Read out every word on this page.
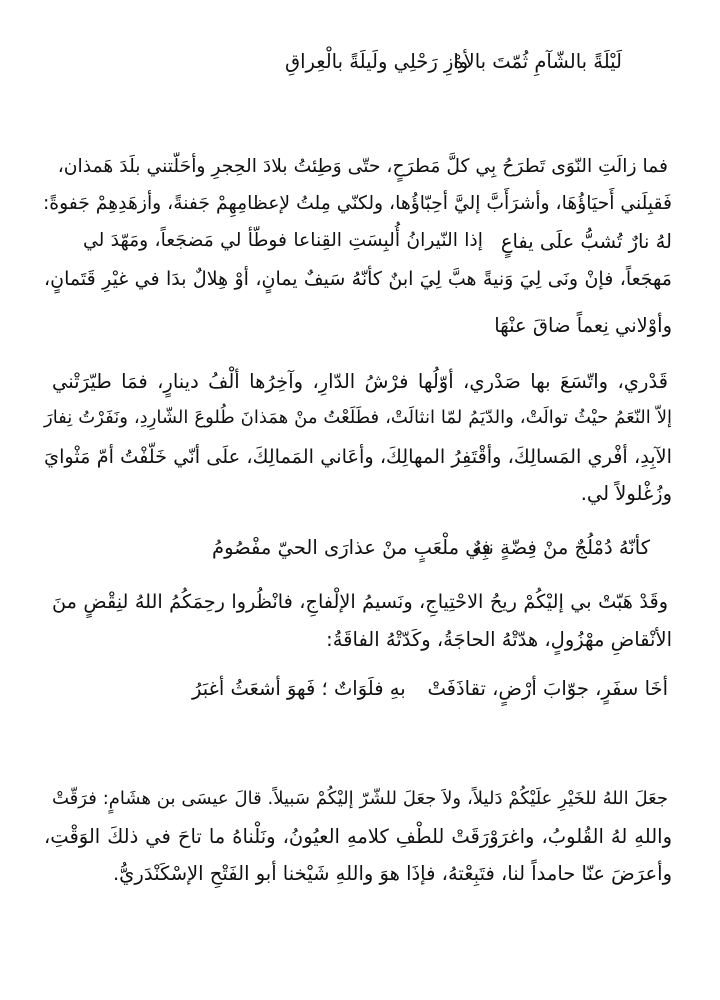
لَيْلَةً بالشّآمِ ثُمّتَ بالأهْ
وازِ رَحْلِي ولَيلَةً بالْعِراقِ
فما زالَتِ النّوَى تَطرَحُ بِي كلَّ مَطرَحٍ، حتّى وَطِئتُ بلادَ الحِجرِ وأحَلّتني بلَدَ هَمذان،
فَقبِلَني أَحيَاؤُهَا، وأشرَأَبَّ إليَّ أحِبّاؤُها، ولكنّي مِلتُ لإعظامِهِمْ جَفنةً، وأزهَدِهِمْ جَفوةً:
لهُ نارٌ تُشبُّ علَى يفاعٍ
إذا النّيرانُ أُلبِسَتِ القِناعا فوطّأ لي مَضجَعاً، ومَهّدَ لي
مَهجَعاً، فإنْ ونَى لِيَ وَنيةً هبَّ لِيَ ابنٌ كأنّهُ سَيفٌ يمانٍ، أوْ هِلالٌ بدَا في غيْرِ قَتَمانٍ،
وأوْلاني نِعماً ضاقَ عنْهَا
قَدْري، واتّسَعَ بها صَدْري، أوّلُها فرْشُ الدّارِ، وآخِرُها ألْفُ دينارٍ، فمَا طيّرَتْني
إلاّ النّعَمُ حيْثُ توالَتْ، والدّيَمُ لمّا انثالَتْ، فطَلَعْتُ منْ همَذانَ طُلوعَ الشّارِدِ، ونَفَرْتُ نِفارَ
الآبِدِ، أفْري المَسالِكَ، وأقْتَفِرُ المهالِكَ، وأعَاني المَمالِكَ، علَى أنّي خَلّفْتُ أمّ مَثْوايَ
وزُغْلولاً لي.
كأنّهُ دُمْلُجٌ منْ فِضّةٍ نبِهٌ
في ملْعَبٍ منْ عذارَى الحيّ مفْصُومُ
وقَدْ هَبّتْ بي إليْكُمْ ريحُ الاحْتِياجِ، ونَسيمُ الإلْفاجِ، فانْظُروا رحِمَكُمُ اللهُ لنِقْضٍ منَ
الأنْقاضِ مهْزُولٍ، هدّتْهُ الحاجَةُ، وكَدّتْهُ الفاقَةُ:
أخَا سفَرٍ، جوّابَ أرْضٍ، تقاذَفَتْ
بهِ فلَوَاتٌ ؛ فَهوَ أشعَثُ أغبَرُ
جعَلَ اللهُ للخَيْرِ علَيْكُمْ دَليلاً، ولاَ جعَلَ للشّرّ إليْكُمْ سَبيلاً. قالَ عيسَى بن هشَامٍ: فرَقّتْ
واللهِ لهُ القُلوبُ، واغرَوْرَقَتْ للطْفِ كلامهِ العيُونُ، ونَلْناهُ ما تاحَ في ذلكَ الوَقْتِ،
وأعرَضَ عنّا حامداً لنا، فتَبِعْتهُ، فإذَا هوَ واللهِ شَيْخنا أبو الفَتْحِ الإسْكَنْدَريُّ.
